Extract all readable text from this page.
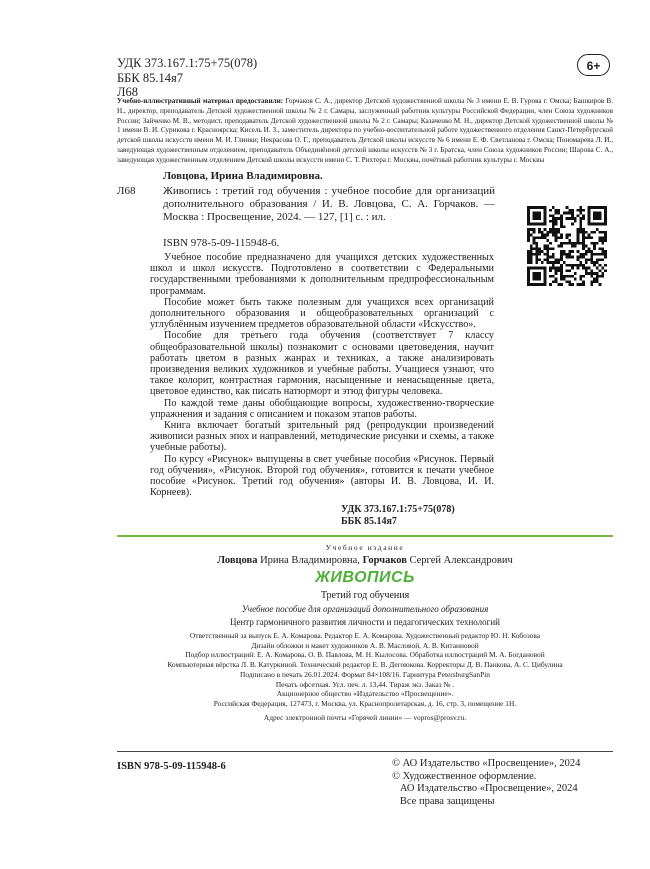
УДК 373.167.1:75+75(078)
ББК 85.14я7
Л68
6+
Учебно-иллюстративный материал предоставили: Горчаков С. А., директор Детской художественной школы № 3 имени Е. В. Гурова г. Омска; Башкиров В. Н., директор, преподаватель Детской художественной школы № 2 г. Самары, заслуженный работник культуры Российской Федерации, член Союза художников России; Зайченко М. В., методист, преподаватель Детской художественной школы № 2 г. Самары; Казаченко М. Н., директор Детской художественной школы № 1 имени В. И. Сурикова г. Красноярска; Кисель И. З., заместитель директора по учебно-воспитательной работе художественного отделения Санкт-Петербургской детской школы искусств имени М. И. Глинки; Некрасова О. Г., преподаватель Детской школы искусств № 6 имени Е. Ф. Светланова г. Омска; Пономарева Л. И., заведующая художественным отделением, преподаватель Объединённой детской школы искусств № 3 г. Братска, член Союза художников России; Шарова С. А., заведующая художественным отделением Детской школы искусств имени С. Т. Рихтера г. Москвы, почётный работник культуры г. Москвы
Ловцова, Ирина Владимировна.
Л68	Живопись : третий год обучения : учебное пособие для организаций дополнительного образования / И. В. Ловцова, С. А. Горчаков. — Москва : Просвещение, 2024. — 127, [1] с. : ил.
ISBN 978-5-09-115948-6.

Учебное пособие предназначено для учащихся детских художественных школ и школ искусств. Подготовлено в соответствии с Федеральными государственными требованиями к дополнительным предпрофессиональным программам.

Пособие может быть также полезным для учащихся всех организаций дополнительного образования и общеобразовательных организаций с углублённым изучением предметов образовательной области «Искусство».

Пособие для третьего года обучения (соответствует 7 классу общеобразовательной школы) познакомит с основами цветоведения, научит работать цветом в разных жанрах и техниках, а также анализировать произведения великих художников и учебные работы. Учащиеся узнают, что такое колорит, контрастная гармония, насыщенные и ненасыщенные цвета, цветовое единство, как писать натюрморт и этюд фигуры человека.

По каждой теме даны обобщающие вопросы, художественно-творческие упражнения и задания с описанием и показом этапов работы.

Книга включает богатый зрительный ряд (репродукции произведений живописи разных эпох и направлений, методические рисунки и схемы, а также учебные работы).

По курсу «Рисунок» выпущены в свет учебные пособия «Рисунок. Первый год обучения», «Рисунок. Второй год обучения», готовится к печати учебное пособие «Рисунок. Третий год обучения» (авторы И. В. Ловцова, И. И. Корнеев).

УДК 373.167.1:75+75(078)
ББК 85.14я7
Учебное издание
Ловцова Ирина Владимировна, Горчаков Сергей Александрович
ЖИВОПИСЬ
Третий год обучения
Учебное пособие для организаций дополнительного образования
Центр гармоничного развития личности и педагогических технологий
Ответственный за выпуск Е. А. Комарова. Редактор Е. А. Комарова. Художественный редактор Ю. Н. Кобозова
Дизайн обложки и макет художников А. В. Масловой, А. В. Китаниовой
Подбор иллюстраций: Е. А. Комарова, О. В. Павлова, М. Н. Кылосова. Обработка иллюстраций М. А. Богдановой
Компьютерная вёрстка Л. В. Катуркиной. Технический редактор Е. В. Дегоюкова. Корректоры Д. В. Панкова, А. С. Цибулина
Подписано в печать 26.01.2024. Формат 84×108/16. Гарнитура PetersburgSanPin
Печать офсетная. Усл. печ. л. 13,44. Тираж экз. Заказ № .
Акционерное общество «Издательство «Просвещение».
Российская Федерация, 127473, г. Москва, ул. Краснопролетарская, д. 16, стр. 3, помещение 1Н.
Адрес электронной почты «Горячей линии» — vopros@prosv.ru.
ISBN 978-5-09-115948-6	© АО Издательство «Просвещение», 2024
© Художественное оформление.
АО Издательство «Просвещение», 2024
Все права защищены
